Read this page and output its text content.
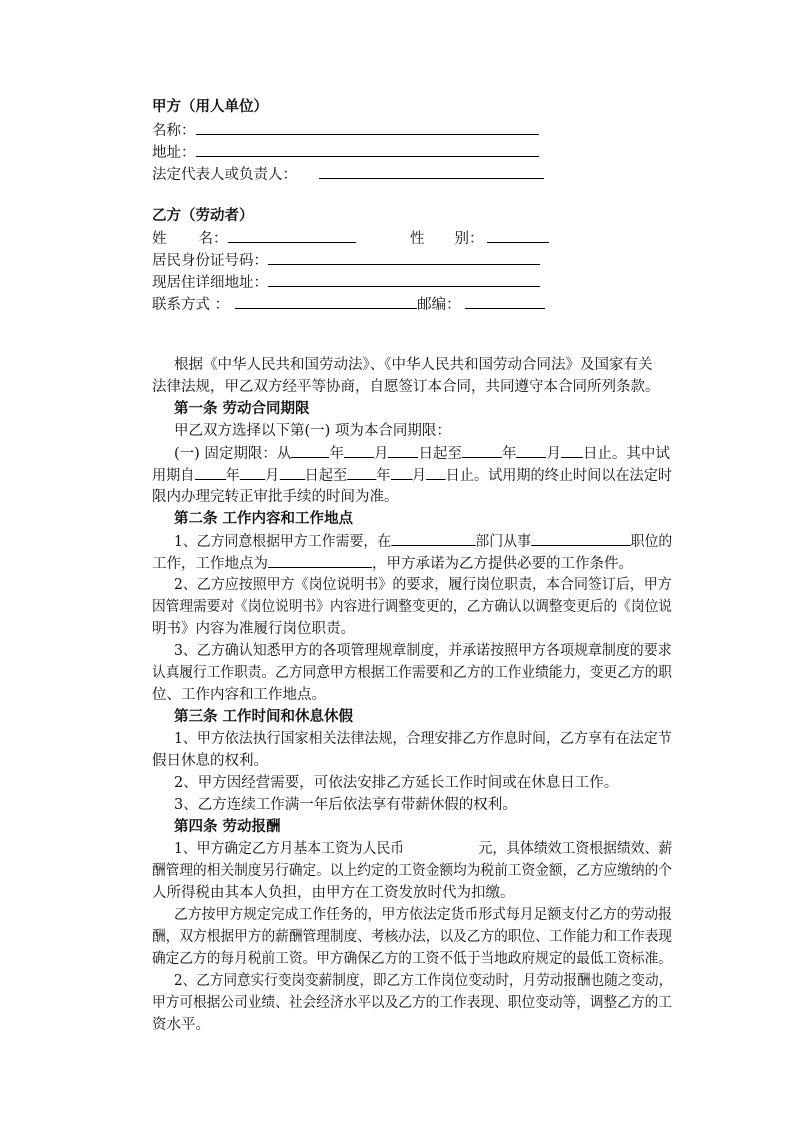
甲方（用人单位）
名称：
地址：
法定代表人或负责人：
乙方（劳动者）
姓 名：	性 别：
居民身份证号码：
现居住详细地址：
联系方式 ：	邮编：
根据《中华人民共和国劳动法》、《中华人民共和国劳动合同法》及国家有关
法律法规，甲乙双方经平等协商，自愿签订本合同，共同遵守本合同所列条款。
第一条 劳动合同期限
甲乙双方选择以下第(一) 项为本合同期限：
(一) 固定期限：从	年 月 日起至	年 月 日止。其中试
用期自 年 月 日起至 年 月 日止。试用期的终止时间以在法定时
限内办理完转正审批手续的时间为准。
第二条 工作内容和工作地点
1、乙方同意根据甲方工作需要，在	部门从事	职位的
工作，工作地点为	，甲方承诺为乙方提供必要的工作条件。
2、乙方应按照甲方《岗位说明书》的要求，履行岗位职责，本合同签订后，甲方
因管理需要对《岗位说明书》内容进行调整变更的，乙方确认以调整变更后的《岗位说
明书》内容为准履行岗位职责。
3、乙方确认知悉甲方的各项管理规章制度，并承诺按照甲方各项规章制度的要求
认真履行工作职责。乙方同意甲方根据工作需要和乙方的工作业绩能力，变更乙方的职
位、工作内容和工作地点。
第三条 工作时间和休息休假
1、甲方依法执行国家相关法律法规，合理安排乙方作息时间，乙方享有在法定节
假日休息的权利。
2、甲方因经营需要，可依法安排乙方延长工作时间或在休息日工作。
3、乙方连续工作满一年后依法享有带薪休假的权利。
第四条 劳动报酬
1、甲方确定乙方月基本工资为人民币	元，具体绩效工资根据绩效、薪
酬管理的相关制度另行确定。以上约定的工资金额均为税前工资金额，乙方应缴纳的个
人所得税由其本人负担，由甲方在工资发放时代为扣缴。
乙方按甲方规定完成工作任务的，甲方依法定货币形式每月足额支付乙方的劳动报
酬，双方根据甲方的薪酬管理制度、考核办法，以及乙方的职位、工作能力和工作表现
确定乙方的每月税前工资。甲方确保乙方的工资不低于当地政府规定的最低工资标准。
2、乙方同意实行变岗变薪制度，即乙方工作岗位变动时，月劳动报酬也随之变动，
甲方可根据公司业绩、社会经济水平以及乙方的工作表现、职位变动等，调整乙方的工
资水平。
